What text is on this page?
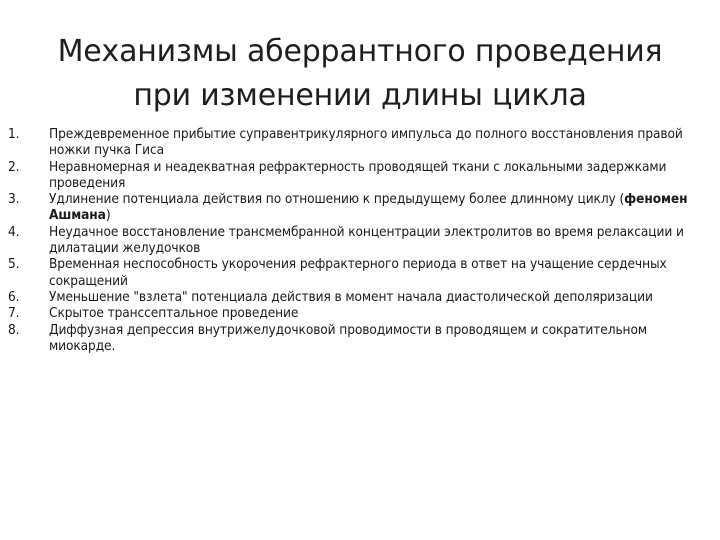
Механизмы аберрантного проведения
при изменении длины цикла
1.	Преждевременное прибытие суправентрикулярного импульса до полного восстановления правой ножки пучка Гиса
2.	Неравномерная и неадекватная рефрактерность проводящей ткани с локальными задержками проведения
3.	Удлинение потенциала действия по отношению к предыдущему более длинному циклу (феномен Ашмана)
4.	Неудачное восстановление трансмембранной концентрации электролитов во время релаксации и дилатации желудочков
5.	Временная неспособность укорочения рефрактерного периода в ответ на учащение сердечных сокращений
6.	Уменьшение "взлета" потенциала действия в момент начала диастолической деполяризации
7.	Скрытое транссептальное проведение
8.	Диффузная депрессия внутрижелудочковой проводимости в проводящем и сократительном миокарде.
